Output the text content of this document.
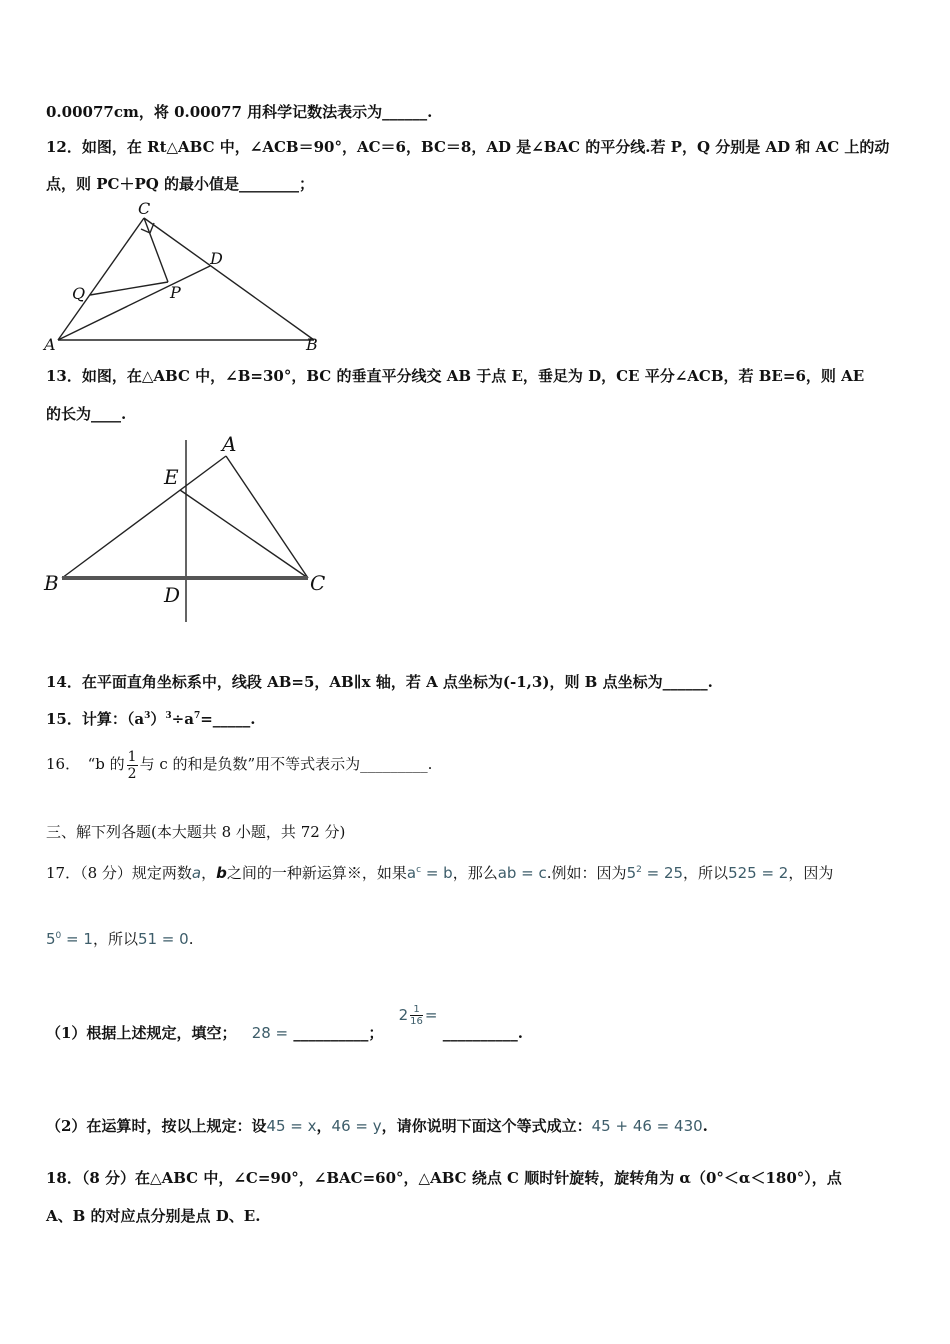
0.00077cm，将 0.00077 用科学记数法表示为______.
12．如图，在 Rt△ABC 中，∠ACB＝90°，AC＝6，BC＝8，AD 是∠BAC 的平分线.若 P，Q 分别是 AD 和 AC 上的动
点，则 PC＋PQ 的最小值是________；
C
D
Q	P
A	B
13．如图，在△ABC 中，∠B=30°，BC 的垂直平分线交 AB 于点 E，垂足为 D，CE 平分∠ACB，若 BE=6，则 AE
的长为____.
A
E
B	D	C
14．在平面直角坐标系中，线段 AB=5，AB∥x 轴，若 A 点坐标为(-1,3)，则 B 点坐标为______.
15．计算：$(a^3)^3\div a^7=\_\_\_\_\_$.
16．　“b 的 $\frac{1}{2}$ 与 c 的和是负数”用不等式表示为_________.
三、解下列各题(本大题共 8 小题，共 72 分)
17．（8 分）规定两数a，b之间的一种新运算※，如果$a^c = b$，那么ab = c.例如：因为$5^2 = 25$，所以525 = 2，因为
$5^0 = 1$，所以51 = 0.
（1）根据上述规定，填空； 28 = __________； $2 \frac{1}{16}$ = __________.
（2）在运算时，按以上规定：设45 = x，46 = y，请你说明下面这个等式成立：45 + 46 = 430.
18．（8 分）在△ABC 中，∠C=90°，∠BAC=60°，△ABC 绕点 C 顺时针旋转，旋转角为 α（0°＜α＜180°），点
A、B 的对应点分别是点 D、E.
